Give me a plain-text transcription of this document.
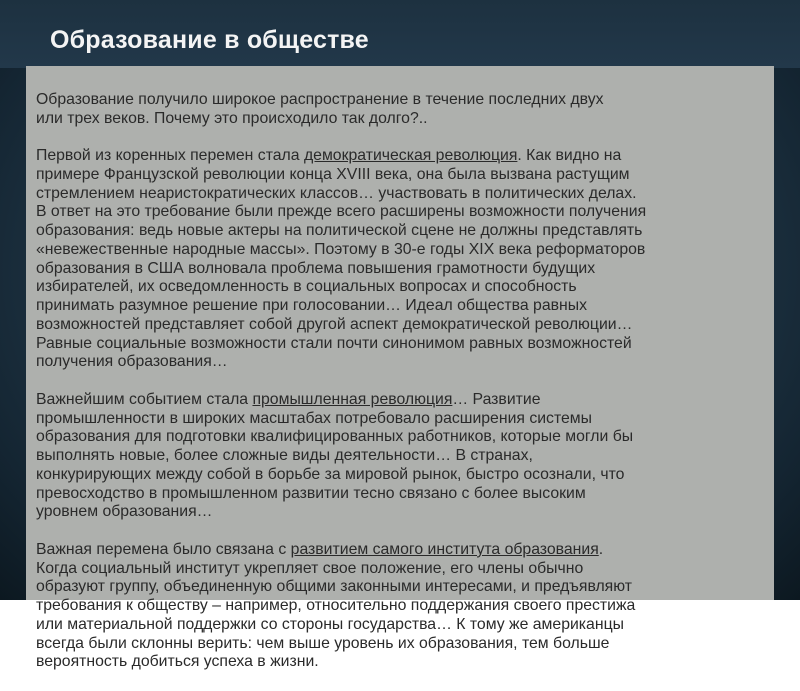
Образование в обществе

Образование получило широкое распространение в течение последних двух
или трех веков. Почему это происходило так долго?..

Первой из коренных перемен стала демократическая революция. Как видно на
примере Французской революции конца XVIII века, она была вызвана растущим
стремлением неаристократических классов… участвовать в политических делах.
В ответ на это требование были прежде всего расширены возможности получения
образования: ведь новые актеры на политической сцене не должны представлять
«невежественные народные массы». Поэтому в 30-е годы XIX века реформаторов
образования в США волновала проблема повышения грамотности будущих
избирателей, их осведомленность в социальных вопросах и способность
принимать разумное решение при голосовании… Идеал общества равных
возможностей представляет собой другой аспект демократической революции…
Равные социальные возможности стали почти синонимом равных возможностей
получения образования…

Важнейшим событием стала промышленная революция… Развитие
промышленности в широких масштабах потребовало расширения системы
образования для подготовки квалифицированных работников, которые могли бы
выполнять новые, более сложные виды деятельности… В странах,
конкурирующих между собой в борьбе за мировой рынок, быстро осознали, что
превосходство в промышленном развитии тесно связано с более высоким
уровнем образования…

Важная перемена было связана с развитием самого института образования.
Когда социальный институт укрепляет свое положение, его члены обычно
образуют группу, объединенную общими законными интересами, и предъявляют
требования к обществу – например, относительно поддержания своего престижа
или материальной поддержки со стороны государства… К тому же американцы
всегда были склонны верить: чем выше уровень их образования, тем больше
вероятность добиться успеха в жизни.
